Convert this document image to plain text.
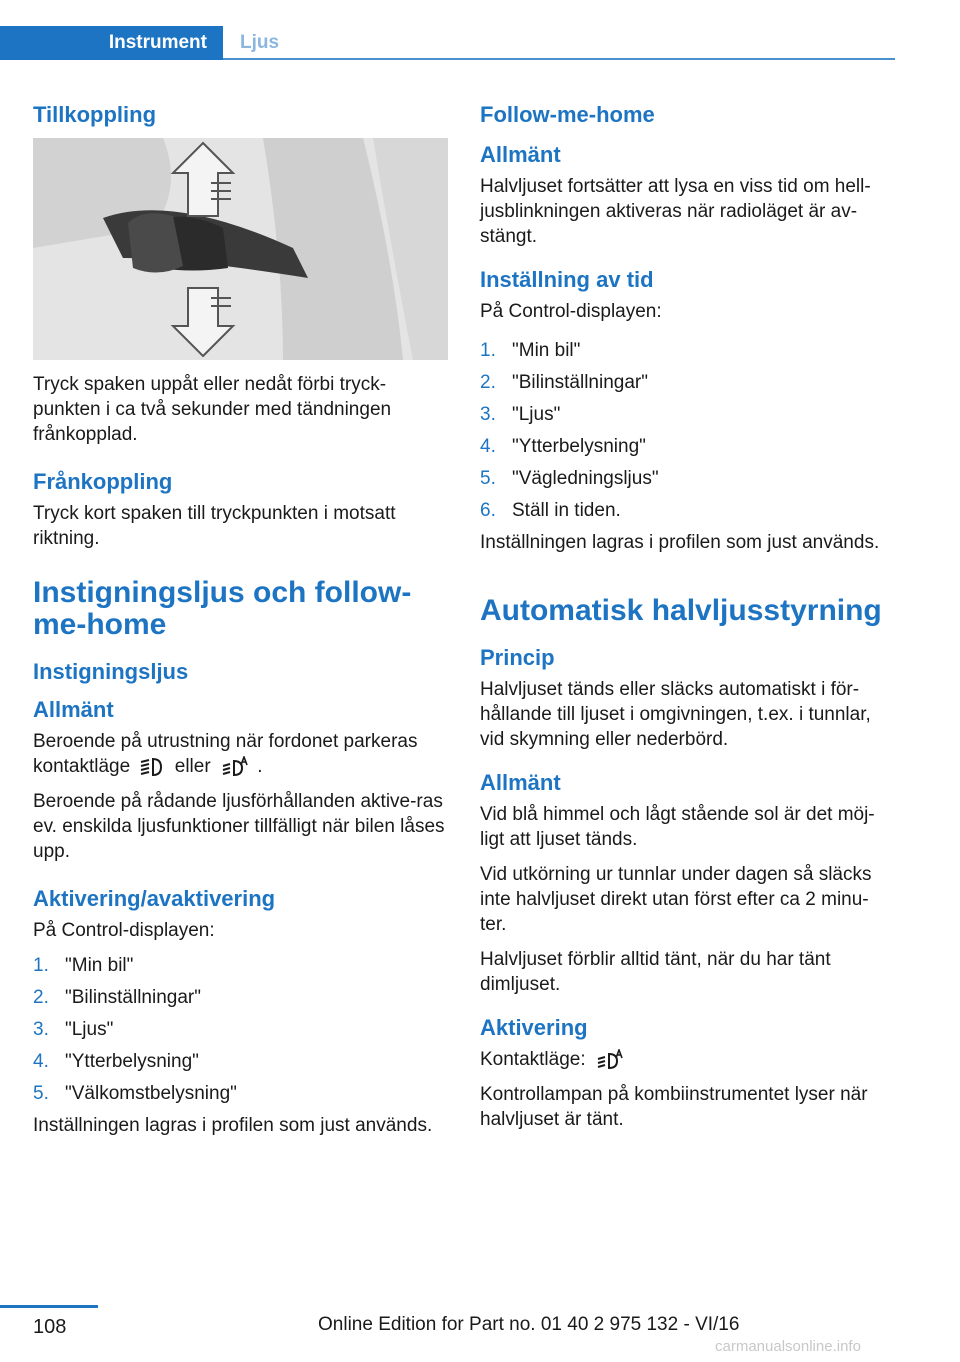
Instrument Ljus
Tillkoppling

Tryck spaken uppåt eller nedåt förbi tryck-punkten i ca två sekunder med tändningen frånkopplad.

Frånkoppling

Tryck kort spaken till tryckpunkten i motsatt riktning.

Instigningsljus och follow-me-home
Instigningsljus
Allmänt

Beroende på utrustning när fordonet parkeras kontaktläge eller .

Beroende på rådande ljusförhållanden aktive-ras ev. enskilda ljusfunktioner tillfälligt när bilen låses upp.

Aktivering/avaktivering

På Control-displayen:

1. "Min bil"
2. "Bilinställningar"
3. "Ljus"
4. "Ytterbelysning"
5. "Välkomstbelysning"

Inställningen lagras i profilen som just används.

Follow-me-home
Allmänt

Halvljuset fortsätter att lysa en viss tid om hell-jusblinkningen aktiveras när radioläget är av-stängt.

Inställning av tid

På Control-displayen:

1. "Min bil"
2. "Bilinställningar"
3. "Ljus"
4. "Ytterbelysning"
5. "Vägledningsljus"
6. Ställ in tiden.

Inställningen lagras i profilen som just används.

Automatisk halvljusstyrning
Princip

Halvljuset tänds eller släcks automatiskt i för-hållande till ljuset i omgivningen, t.ex. i tunnlar, vid skymning eller nederbörd.

Allmänt

Vid blå himmel och lågt stående sol är det möj-ligt att ljuset tänds.

Vid utkörning ur tunnlar under dagen så släcks inte halvljuset direkt utan först efter ca 2 minu-ter.

Halvljuset förblir alltid tänt, när du har tänt dimljuset.

Aktivering

Kontaktläge:

Kontrollampan på kombiinstrumentet lyser när halvljuset är tänt.

108	Online Edition for Part no. 01 40 2 975 132 - VI/16
carmanualsonline.info
